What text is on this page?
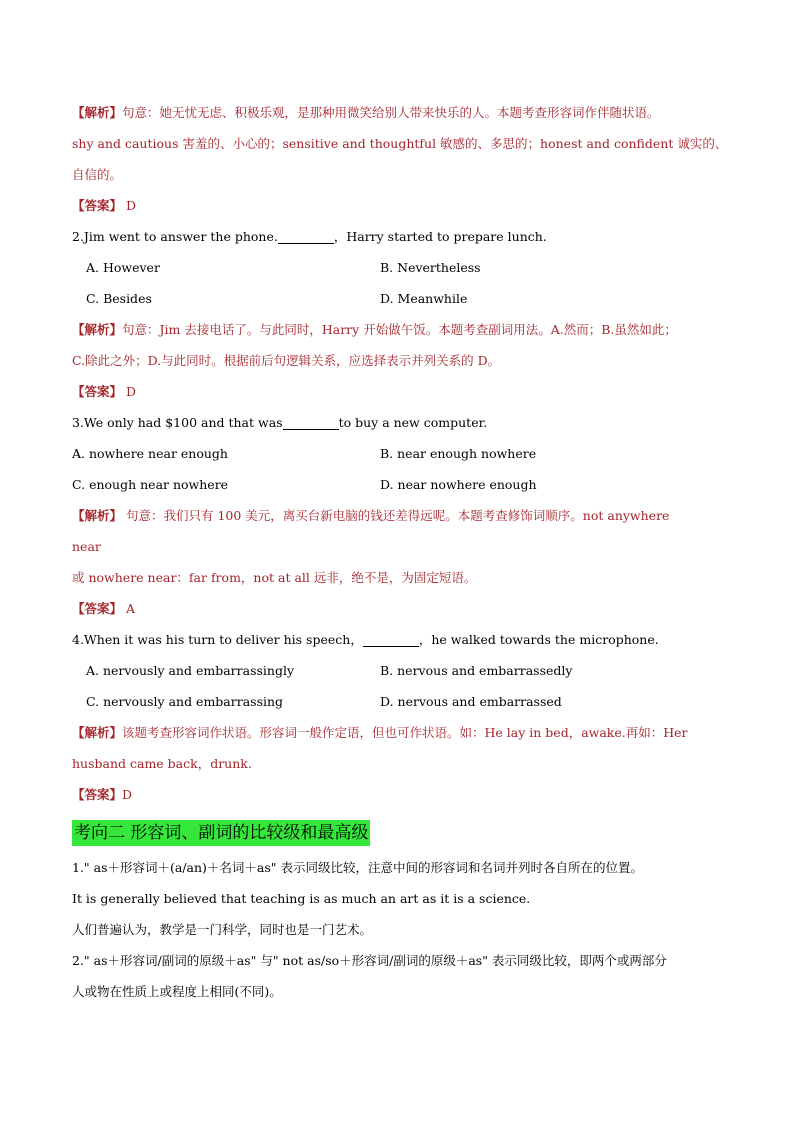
【解析】句意：她无忧无虑、积极乐观，是那种用微笑给别人带来快乐的人。本题考查形容词作伴随状语。
shy and cautious 害羞的、小心的；sensitive and thoughtful 敏感的、多思的；honest and confident 诚实的、
自信的。
【答案】 D
2.Jim went to answer the phone.	，Harry started to prepare lunch.
A. However	B. Nevertheless
C. Besides	D. Meanwhile
【解析】句意：Jim 去接电话了。与此同时，Harry 开始做午饭。本题考查副词用法。A.然而；B.虽然如此；
C.除此之外；D.与此同时。根据前后句逻辑关系，应选择表示并列关系的 D。
【答案】 D
3.We only had $100 and that was	to buy a new computer.
A. nowhere near enough	B. near enough nowhere
C. enough near nowhere	D. near nowhere enough
【解析】 句意：我们只有 100 美元，离买台新电脑的钱还差得远呢。本题考查修饰词顺序。not anywhere
near
或 nowhere near：far from，not at all 远非，绝不是，为固定短语。
【答案】 A
4.When it was his turn to deliver his speech，	，he walked towards the microphone.
A. nervously and embarrassingly	B. nervous and embarrassedly
C. nervously and embarrassing	D. nervous and embarrassed
【解析】该题考查形容词作状语。形容词一般作定语，但也可作状语。如：He lay in bed，awake.再如：Her
husband came back，drunk.
【答案】D
考向二 形容词、副词的比较级和最高级
1." as＋形容词＋(a/an)＋名词＋as" 表示同级比较，注意中间的形容词和名词并列时各自所在的位置。
It is generally believed that teaching is as much an art as it is a science.
人们普遍认为，教学是一门科学，同时也是一门艺术。
2." as＋形容词/副词的原级＋as" 与" not as/so＋形容词/副词的原级＋as" 表示同级比较，即两个或两部分
人或物在性质上或程度上相同(不同)。
